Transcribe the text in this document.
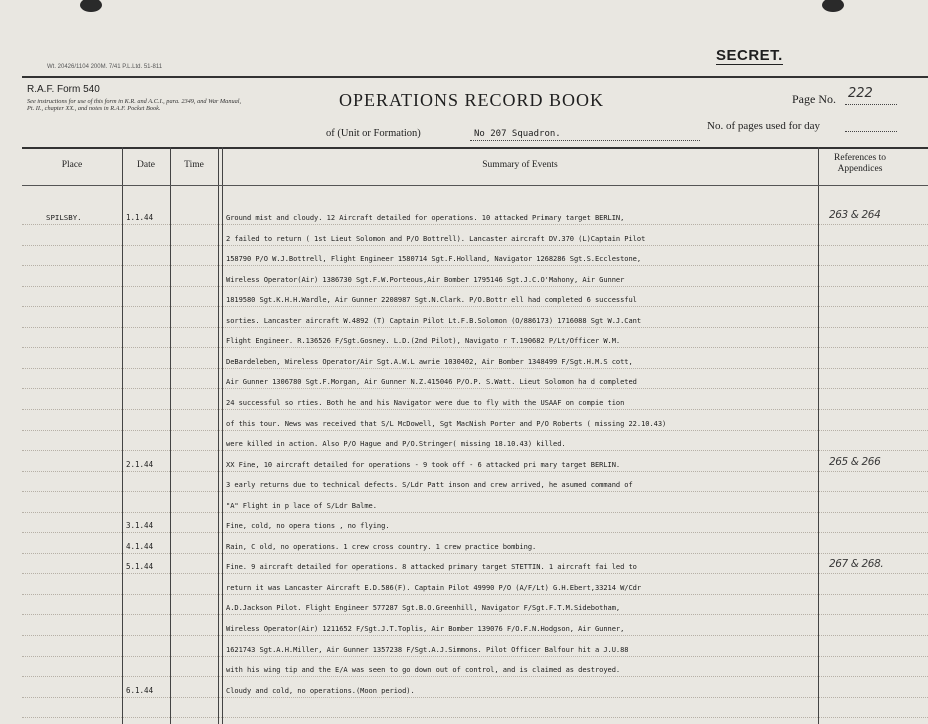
Wt. 20426/1104 200M. 7/41 P.L.Ltd. 51-811
SECRET.
R.A.F. Form 540
See instructions for use of this form in K.R. and A.C.I., para. 2349, and War Manual, Pt. II., chapter XX., and notes in R.A.F. Pocket Book.	OPERATIONS RECORD BOOK	Page No. 222
No. of pages used for day
of (Unit or Formation)	No 207 Squadron.
Place	Date	Time	Summary of Events
References to Appendices
SPILSBY.	1.1.44	263 & 264
Ground mist and cloudy. 12 Aircraft detailed for operations. 10 attacked Primary target BERLIN,
2 failed to return ( 1st Lieut Solomon and P/O Bottrell). Lancaster aircraft DV.370 (L)Captain Pilot
158790 P/O W.J.Bottrell, Flight Engineer 1580714 Sgt.F.Holland, Navigator 1268286 Sgt.S.Ecclestone,
Wireless Operator(Air) 1386730 Sgt.F.W.Porteous,Air Bomber 1795146 Sgt.J.C.O'Mahony, Air Gunner
1819580 Sgt.K.H.H.Wardle, Air Gunner 2208987 Sgt.N.Clark. P/O.Bottr ell had completed 6 successful
sorties. Lancaster aircraft W.4892 (T) Captain Pilot Lt.F.B.Solomon (O/886173) 1716088 Sgt W.J.Cant
Flight Engineer. R.136526 F/Sgt.Gosney. L.D.(2nd Pilot), Navigato r T.190682 P/Lt/Officer W.M.
DeBardeleben, Wireless Operator/Air Sgt.A.W.L awrie 1030402, Air Bomber 1348499 F/Sgt.H.M.S cott,
Air Gunner 1306780 Sgt.F.Morgan, Air Gunner N.Z.415046 P/O.P. S.Watt. Lieut Solomon ha d completed
24 successful so rties. Both he and his Navigator were due to fly with the USAAF on compie tion
of this tour. News was received that S/L McDowell, Sgt MacNish Porter and P/O Roberts ( missing 22.10.43)
were killed in action. Also P/O Hague and P/O.Stringer( missing 18.10.43) killed.
2.1.44	265 & 266
XX Fine, 10 aircraft detailed for operations - 9 took off - 6 attacked pri mary target BERLIN.
3 early returns due to technical defects. S/Ldr Patt inson and crew arrived, he asumed command of
"A" Flight in p lace of S/Ldr Balme.
3.1.44	Fine, cold, no opera tions , no flying.
4.1.44	Rain, C old, no operations. 1 crew cross country. 1 crew practice bombing.
5.1.44	267 & 268.
Fine. 9 aircraft detailed for operations. 8 attacked primary target STETTIN. 1 aircraft fai led to
return it was Lancaster Aircraft E.D.586(F). Captain Pilot 49990 P/O (A/F/Lt) G.H.Ebert,33214 W/Cdr
A.D.Jackson Pilot. Flight Engineer 577287 Sgt.B.O.Greenhill, Navigator F/Sgt.F.T.M.Sidebotham,
Wireless Operator(Air) 1211652 F/Sgt.J.T.Toplis, Air Bomber 139076 F/O.F.N.Hodgson, Air Gunner,
1621743 Sgt.A.H.Miller, Air Gunner 1357238 F/Sgt.A.J.Simmons. Pilot Officer Balfour hit a J.U.88
with his wing tip and the E/A was seen to go down out of control, and is claimed as destroyed.
6.1.44	Cloudy and cold, no operations.(Moon period).
